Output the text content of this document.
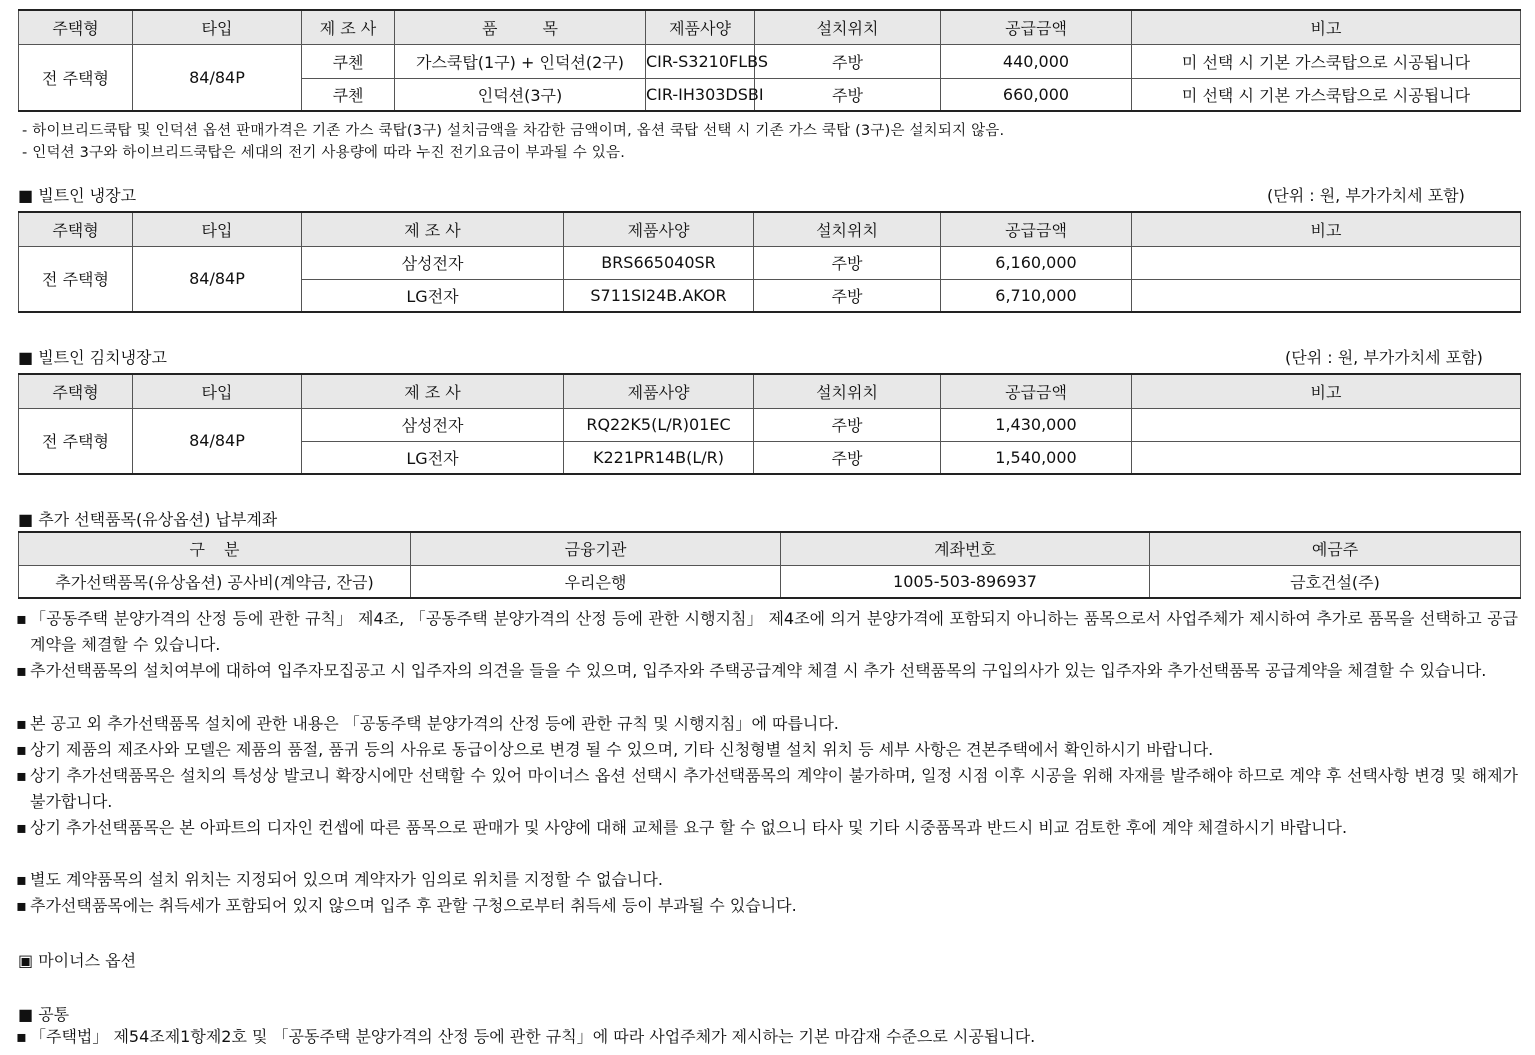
주택형	타입	제 조 사	품 목	제품사양	설치위치	공급금액	비고
전 주택형	84/84P	쿠첸	가스쿡탑(1구) + 인덕션(2구)	CIR-S3210FLBS	주방	440,000	미 선택 시 기본 가스쿡탑으로 시공됩니다
		쿠첸	인덕션(3구)	CIR-IH303DSBI	주방	660,000	미 선택 시 기본 가스쿡탑으로 시공됩니다
- 하이브리드쿡탑 및 인덕션 옵션 판매가격은 기존 가스 쿡탑(3구) 설치금액을 차감한 금액이며, 옵션 쿡탑 선택 시 기존 가스 쿡탑 (3구)은 설치되지 않음.
- 인덕션 3구와 하이브리드쿡탑은 세대의 전기 사용량에 따라 누진 전기요금이 부과될 수 있음.
■ 빌트인 냉장고	(단위 : 원, 부가가치세 포함)
주택형	타입	제 조 사	제품사양	설치위치	공급금액	비고
전 주택형	84/84P	삼성전자	BRS665040SR	주방	6,160,000	
		LG전자	S711SI24B.AKOR	주방	6,710,000	
■ 빌트인 김치냉장고	(단위 : 원, 부가가치세 포함)
주택형	타입	제 조 사	제품사양	설치위치	공급금액	비고
전 주택형	84/84P	삼성전자	RQ22K5(L/R)01EC	주방	1,430,000	
		LG전자	K221PR14B(L/R)	주방	1,540,000	
■ 추가 선택품목(유상옵션) 납부계좌
구 분	금융기관	계좌번호	예금주
추가선택품목(유상옵션) 공사비(계약금, 잔금)	우리은행	1005-503-896937	금호건설(주)
▪ 「공동주택 분양가격의 산정 등에 관한 규칙」 제4조, 「공동주택 분양가격의 산정 등에 관한 시행지침」 제4조에 의거 분양가격에 포함되지 아니하는 품목으로서 사업주체가 제시하여 추가로 품목을 선택하고 공급계약을 체결할 수 있습니다.
▪ 추가선택품목의 설치여부에 대하여 입주자모집공고 시 입주자의 의견을 들을 수 있으며, 입주자와 주택공급계약 체결 시 추가 선택품목의 구입의사가 있는 입주자와 추가선택품목 공급계약을 체결할 수 있습니다.
▪ 본 공고 외 추가선택품목 설치에 관한 내용은 「공동주택 분양가격의 산정 등에 관한 규칙 및 시행지침」에 따릅니다.
▪ 상기 제품의 제조사와 모델은 제품의 품절, 품귀 등의 사유로 동급이상으로 변경 될 수 있으며, 기타 신청형별 설치 위치 등 세부 사항은 견본주택에서 확인하시기 바랍니다.
▪ 상기 추가선택품목은 설치의 특성상 발코니 확장시에만 선택할 수 있어 마이너스 옵션 선택시 추가선택품목의 계약이 불가하며, 일정 시점 이후 시공을 위해 자재를 발주해야 하므로 계약 후 선택사항 변경 및 해제가 불가합니다.
▪ 상기 추가선택품목은 본 아파트의 디자인 컨셉에 따른 품목으로 판매가 및 사양에 대해 교체를 요구 할 수 없으니 타사 및 기타 시중품목과 반드시 비교 검토한 후에 계약 체결하시기 바랍니다.
▪ 별도 계약품목의 설치 위치는 지정되어 있으며 계약자가 임의로 위치를 지정할 수 없습니다.
▪ 추가선택품목에는 취득세가 포함되어 있지 않으며 입주 후 관할 구청으로부터 취득세 등이 부과될 수 있습니다.
▣ 마이너스 옵션
■ 공통
▪ 「주택법」 제54조제1항제2호 및 「공동주택 분양가격의 산정 등에 관한 규칙」에 따라 사업주체가 제시하는 기본 마감재 수준으로 시공됩니다.
